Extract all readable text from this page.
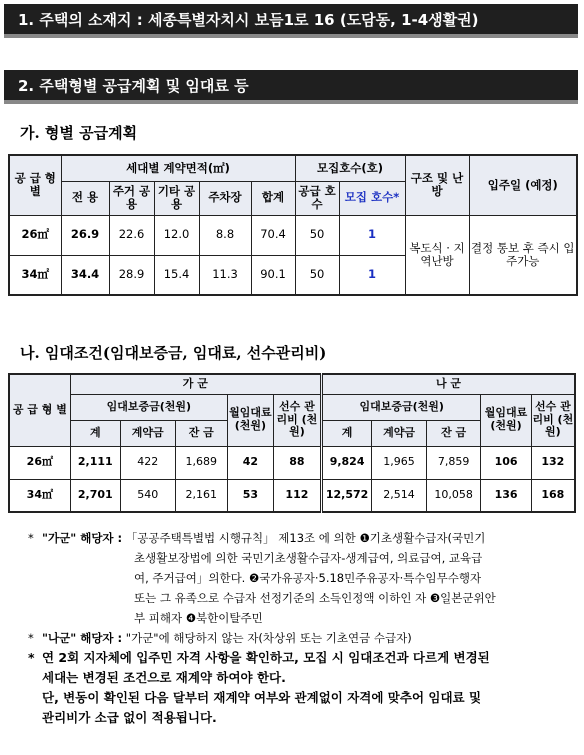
1. 주택의 소재지 : 세종특별자치시 보듬1로 16 (도담동, 1-4생활권)
2. 주택형별 공급계획 및 임대료 등
가. 형별 공급계획
공 급 형 별	세대별 계약면적(㎡)					모집호수(호)		구조 및 난방	입주일 (예정)
	전 용	주거 공용	기타 공용	주차장	합계	공급 호수	모집 호수*		
26㎡	26.9	22.6	12.0	8.8	70.4	50	1	복도식 · 지역난방	결정 통보 후 즉시 입주가능
34㎡	34.4	28.9	15.4	11.3	90.1	50	1		
나. 임대조건(임대보증금, 임대료, 선수관리비)
공 급 형 별	가 군					나 군				
	임대보증금(천원)			월임대료 (천원)	선수 관리비 (천원)	임대보증금(천원)			월임대료 (천원)	선수 관리비 (천원)
	계	계약금	잔 금			계	계약금	잔 금		
26㎡	2,111	422	1,689	42	88	9,824	1,965	7,859	106	132
34㎡	2,701	540	2,161	53	112	12,572	2,514	10,058	136	168
* "가군" 해당자 : 「공공주택특별법 시행규칙」 제13조 에 의한 ❶기초생활수급자(국민기
초생활보장법에 의한 국민기초생활수급자-생계급여, 의료급여, 교육급
여, 주거급여」의한다. ❷국가유공자·5.18민주유공자·특수임무수행자
또는 그 유족으로 수급자 선정기준의 소득인정액 이하인 자 ❸일본군위안
부 피해자 ❹북한이탈주민
* "나군" 해당자 : "가군"에 해당하지 않는 자(차상위 또는 기초연금 수급자)
* 연 2회 지자체에 입주민 자격 사항을 확인하고, 모집 시 임대조건과 다르게 변경된
세대는 변경된 조건으로 재계약 하여야 한다.
단, 변동이 확인된 다음 달부터 재계약 여부와 관계없이 자격에 맞추어 임대료 및
관리비가 소급 없이 적용됩니다.
